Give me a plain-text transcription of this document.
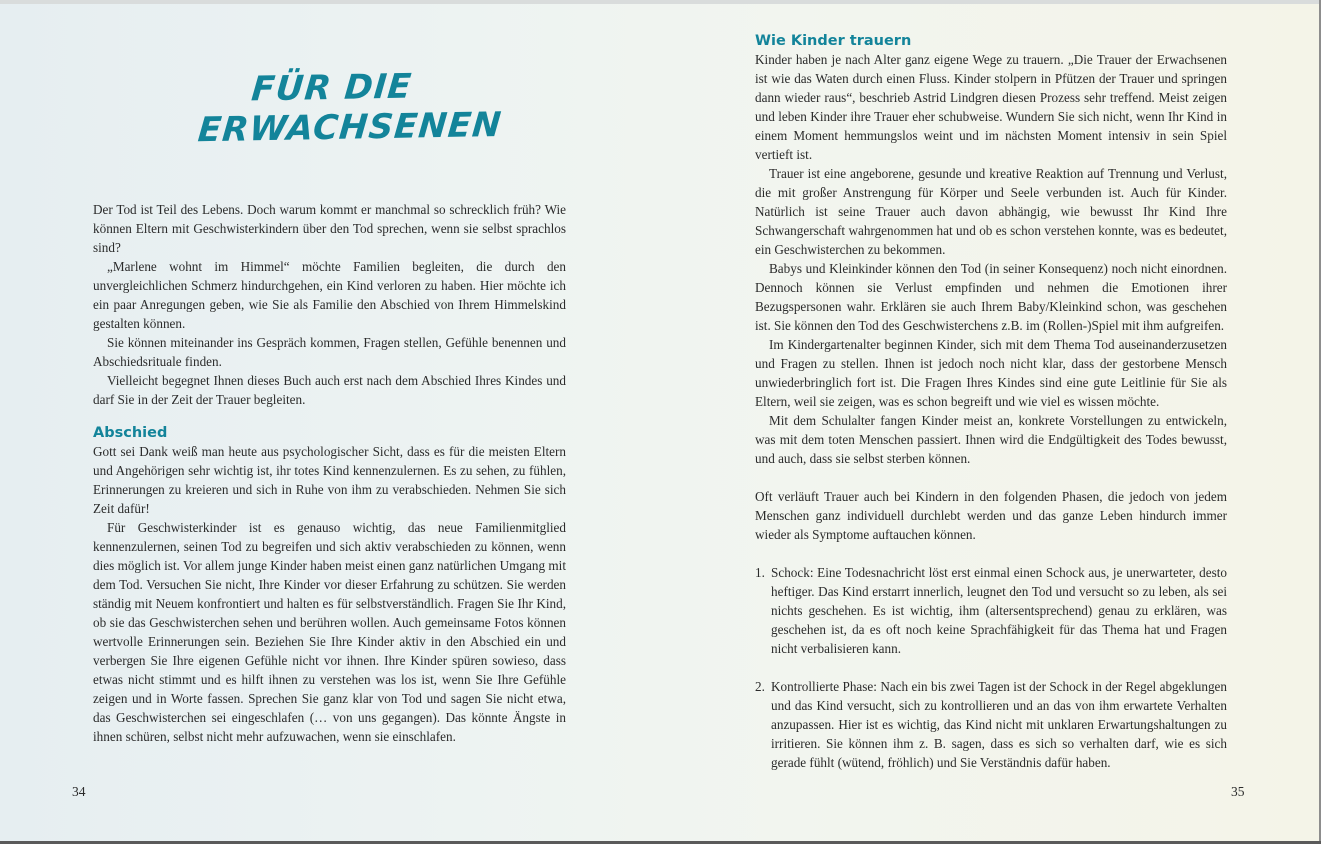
FÜR DIE
ERWACHSENEN

Der Tod ist Teil des Lebens. Doch warum kommt er manchmal so schrecklich früh? Wie können Eltern mit Geschwisterkindern über den Tod sprechen, wenn sie selbst sprachlos sind?

„Marlene wohnt im Himmel“ möchte Familien begleiten, die durch den unvergleichlichen Schmerz hindurchgehen, ein Kind verloren zu haben. Hier möchte ich ein paar Anregungen geben, wie Sie als Familie den Abschied von Ihrem Himmelskind gestalten können.

Sie können miteinander ins Gespräch kommen, Fragen stellen, Gefühle benennen und Abschiedsrituale finden.

Vielleicht begegnet Ihnen dieses Buch auch erst nach dem Abschied Ihres Kindes und darf Sie in der Zeit der Trauer begleiten.

Abschied

Gott sei Dank weiß man heute aus psychologischer Sicht, dass es für die meisten Eltern und Angehörigen sehr wichtig ist, ihr totes Kind kennenzulernen. Es zu sehen, zu fühlen, Erinnerungen zu kreieren und sich in Ruhe von ihm zu verabschieden. Nehmen Sie sich Zeit dafür!

Für Geschwisterkinder ist es genauso wichtig, das neue Familienmitglied kennenzulernen, seinen Tod zu begreifen und sich aktiv verabschieden zu können, wenn dies möglich ist. Vor allem junge Kinder haben meist einen ganz natürlichen Umgang mit dem Tod. Versuchen Sie nicht, Ihre Kinder vor dieser Erfahrung zu schützen. Sie werden ständig mit Neuem konfrontiert und halten es für selbstverständlich. Fragen Sie Ihr Kind, ob sie das Geschwisterchen sehen und berühren wollen. Auch gemeinsame Fotos können wertvolle Erinnerungen sein. Beziehen Sie Ihre Kinder aktiv in den Abschied ein und verbergen Sie Ihre eigenen Gefühle nicht vor ihnen. Ihre Kinder spüren sowieso, dass etwas nicht stimmt und es hilft ihnen zu verstehen was los ist, wenn Sie Ihre Gefühle zeigen und in Worte fassen. Sprechen Sie ganz klar von Tod und sagen Sie nicht etwa, das Geschwisterchen sei eingeschlafen (… von uns gegangen). Das könnte Ängste in ihnen schüren, selbst nicht mehr aufzuwachen, wenn sie einschlafen.

34
Wie Kinder trauern

Kinder haben je nach Alter ganz eigene Wege zu trauern. „Die Trauer der Erwachsenen ist wie das Waten durch einen Fluss. Kinder stolpern in Pfützen der Trauer und springen dann wieder raus“, beschrieb Astrid Lindgren diesen Prozess sehr treffend. Meist zeigen und leben Kinder ihre Trauer eher schubweise. Wundern Sie sich nicht, wenn Ihr Kind in einem Moment hemmungslos weint und im nächsten Moment intensiv in sein Spiel vertieft ist.

Trauer ist eine angeborene, gesunde und kreative Reaktion auf Trennung und Verlust, die mit großer Anstrengung für Körper und Seele verbunden ist. Auch für Kinder. Natürlich ist seine Trauer auch davon abhängig, wie bewusst Ihr Kind Ihre Schwangerschaft wahrgenommen hat und ob es schon verstehen konnte, was es bedeutet, ein Geschwisterchen zu bekommen.

Babys und Kleinkinder können den Tod (in seiner Konsequenz) noch nicht einordnen. Dennoch können sie Verlust empfinden und nehmen die Emotionen ihrer Bezugspersonen wahr. Erklären sie auch Ihrem Baby/Kleinkind schon, was geschehen ist. Sie können den Tod des Geschwisterchens z.B. im (Rollen-)Spiel mit ihm aufgreifen.

Im Kindergartenalter beginnen Kinder, sich mit dem Thema Tod auseinanderzusetzen und Fragen zu stellen. Ihnen ist jedoch noch nicht klar, dass der gestorbene Mensch unwiederbringlich fort ist. Die Fragen Ihres Kindes sind eine gute Leitlinie für Sie als Eltern, weil sie zeigen, was es schon begreift und wie viel es wissen möchte.

Mit dem Schulalter fangen Kinder meist an, konkrete Vorstellungen zu entwickeln, was mit dem toten Menschen passiert. Ihnen wird die Endgültigkeit des Todes bewusst, und auch, dass sie selbst sterben können.

Oft verläuft Trauer auch bei Kindern in den folgenden Phasen, die jedoch von jedem Menschen ganz individuell durchlebt werden und das ganze Leben hindurch immer wieder als Symptome auftauchen können.

1. Schock: Eine Todesnachricht löst erst einmal einen Schock aus, je unerwarteter, desto heftiger. Das Kind erstarrt innerlich, leugnet den Tod und versucht so zu leben, als sei nichts geschehen. Es ist wichtig, ihm (altersentsprechend) genau zu erklären, was geschehen ist, da es oft noch keine Sprachfähigkeit für das Thema hat und Fragen nicht verbalisieren kann.
2. Kontrollierte Phase: Nach ein bis zwei Tagen ist der Schock in der Regel abgeklungen und das Kind versucht, sich zu kontrollieren und an das von ihm erwartete Verhalten anzupassen. Hier ist es wichtig, das Kind nicht mit unklaren Erwartungshaltungen zu irritieren. Sie können ihm z. B. sagen, dass es sich so verhalten darf, wie es sich gerade fühlt (wütend, fröhlich) und Sie Verständnis dafür haben.
35
